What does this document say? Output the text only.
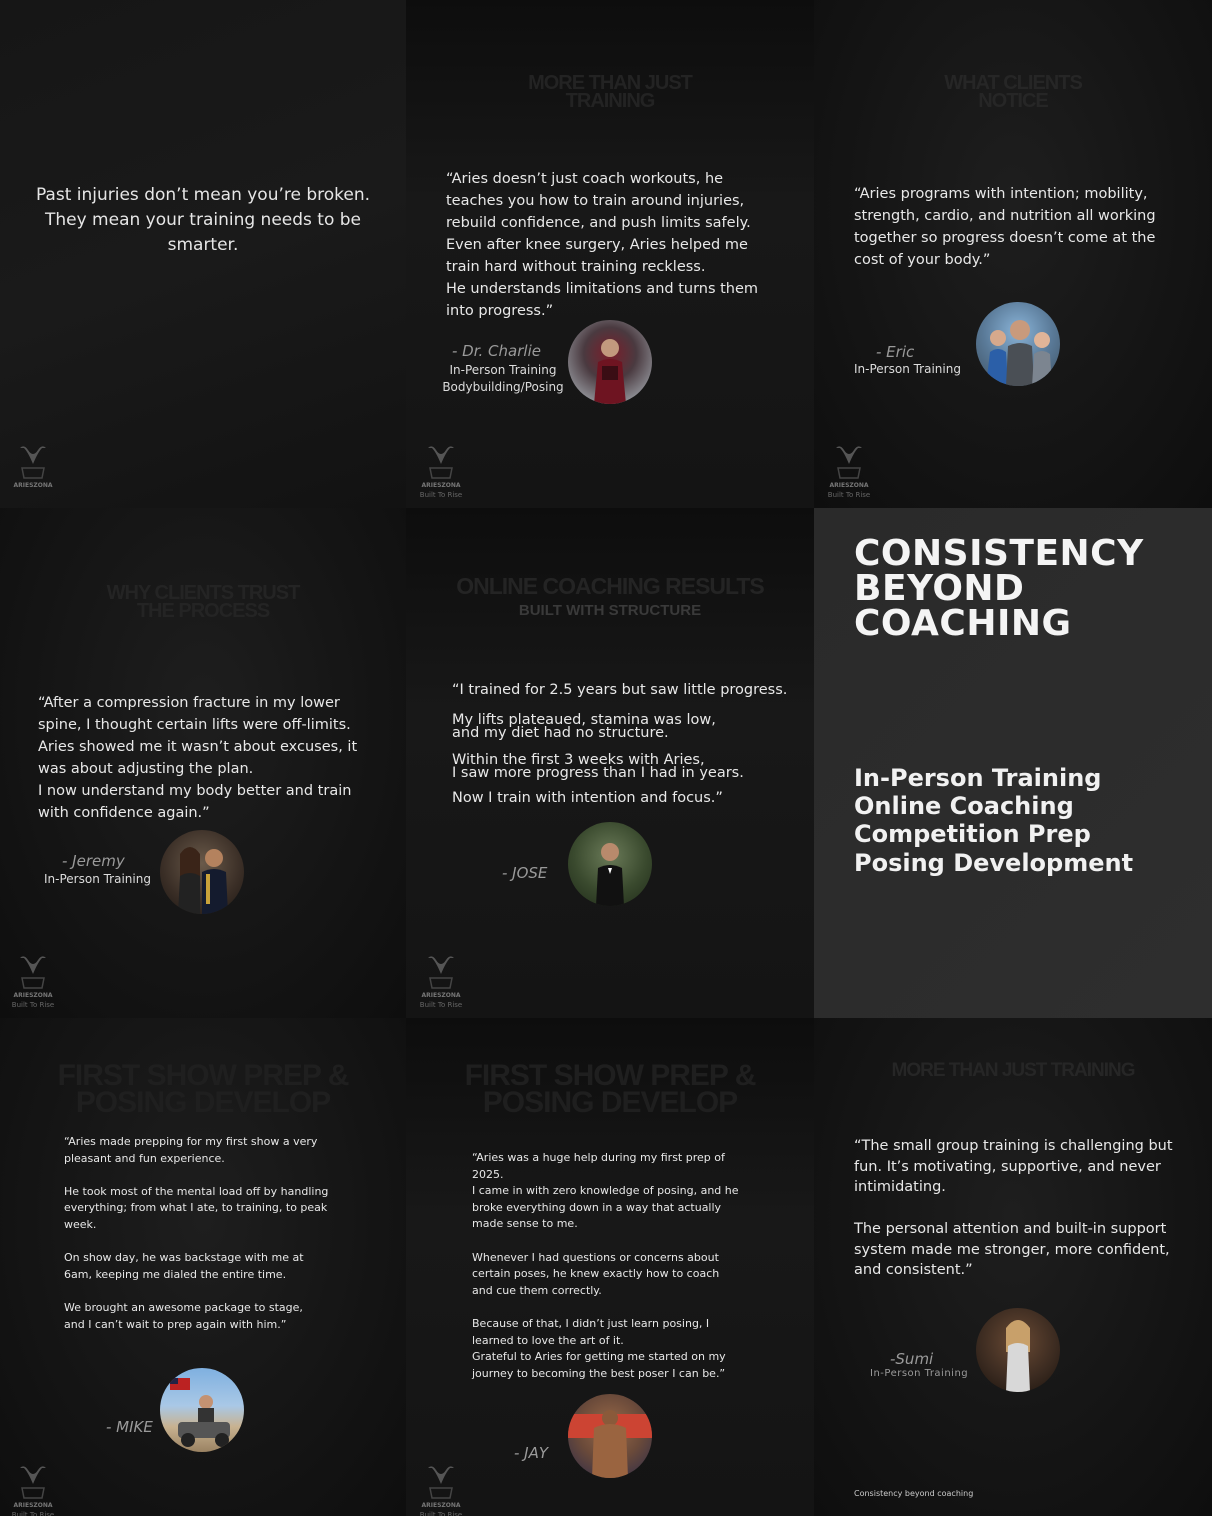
Past injuries don’t mean you’re broken.
They mean your training needs to be
smarter.
ARIESZONA
MORE THAN JUST
TRAINING
“Aries doesn’t just coach workouts, he
teaches you how to train around injuries,
rebuild confidence, and push limits safely.
Even after knee surgery, Aries helped me
train hard without training reckless.
He understands limitations and turns them
into progress.”
- Dr. Charlie
In-Person Training
Bodybuilding/Posing
ARIESZONA
Built To Rise
WHAT CLIENTS
NOTICE
“Aries programs with intention; mobility,
strength, cardio, and nutrition all working
together so progress doesn’t come at the
cost of your body.”
- Eric
In-Person Training
ARIESZONA
Built To Rise
WHY CLIENTS TRUST
THE PROCESS
“After a compression fracture in my lower
spine, I thought certain lifts were off-limits.
Aries showed me it wasn’t about excuses, it
was about adjusting the plan.
I now understand my body better and train
with confidence again.”
- Jeremy
In-Person Training
ARIESZONA
Built To Rise
ONLINE COACHING RESULTS
BUILT WITH STRUCTURE
“I trained for 2.5 years but saw little progress.
My lifts plateaued, stamina was low,
and my diet had no structure.
Within the first 3 weeks with Aries,
I saw more progress than I had in years.
Now I train with intention and focus.”
- JOSE
ARIESZONA
Built To Rise
CONSISTENCY
BEYOND
COACHING
In-Person Training
Online Coaching
Competition Prep
Posing Development
FIRST SHOW PREP &
POSING DEVELOP
“Aries made prepping for my first show a very
pleasant and fun experience.

He took most of the mental load off by handling
everything; from what I ate, to training, to peak
week.

On show day, he was backstage with me at
6am, keeping me dialed the entire time.

We brought an awesome package to stage,
and I can’t wait to prep again with him.”
- MIKE
ARIESZONA
Built To Rise
FIRST SHOW PREP &
POSING DEVELOP
“Aries was a huge help during my first prep of
2025.
I came in with zero knowledge of posing, and he
broke everything down in a way that actually
made sense to me.

Whenever I had questions or concerns about
certain poses, he knew exactly how to coach
and cue them correctly.

Because of that, I didn’t just learn posing, I
learned to love the art of it.
Grateful to Aries for getting me started on my
journey to becoming the best poser I can be.”
- JAY
ARIESZONA
Built To Rise
MORE THAN JUST TRAINING
“The small group training is challenging but
fun. It’s motivating, supportive, and never
intimidating.

The personal attention and built-in support
system made me stronger, more confident,
and consistent.”
-Sumi
In-Person Training
Consistency beyond coaching
